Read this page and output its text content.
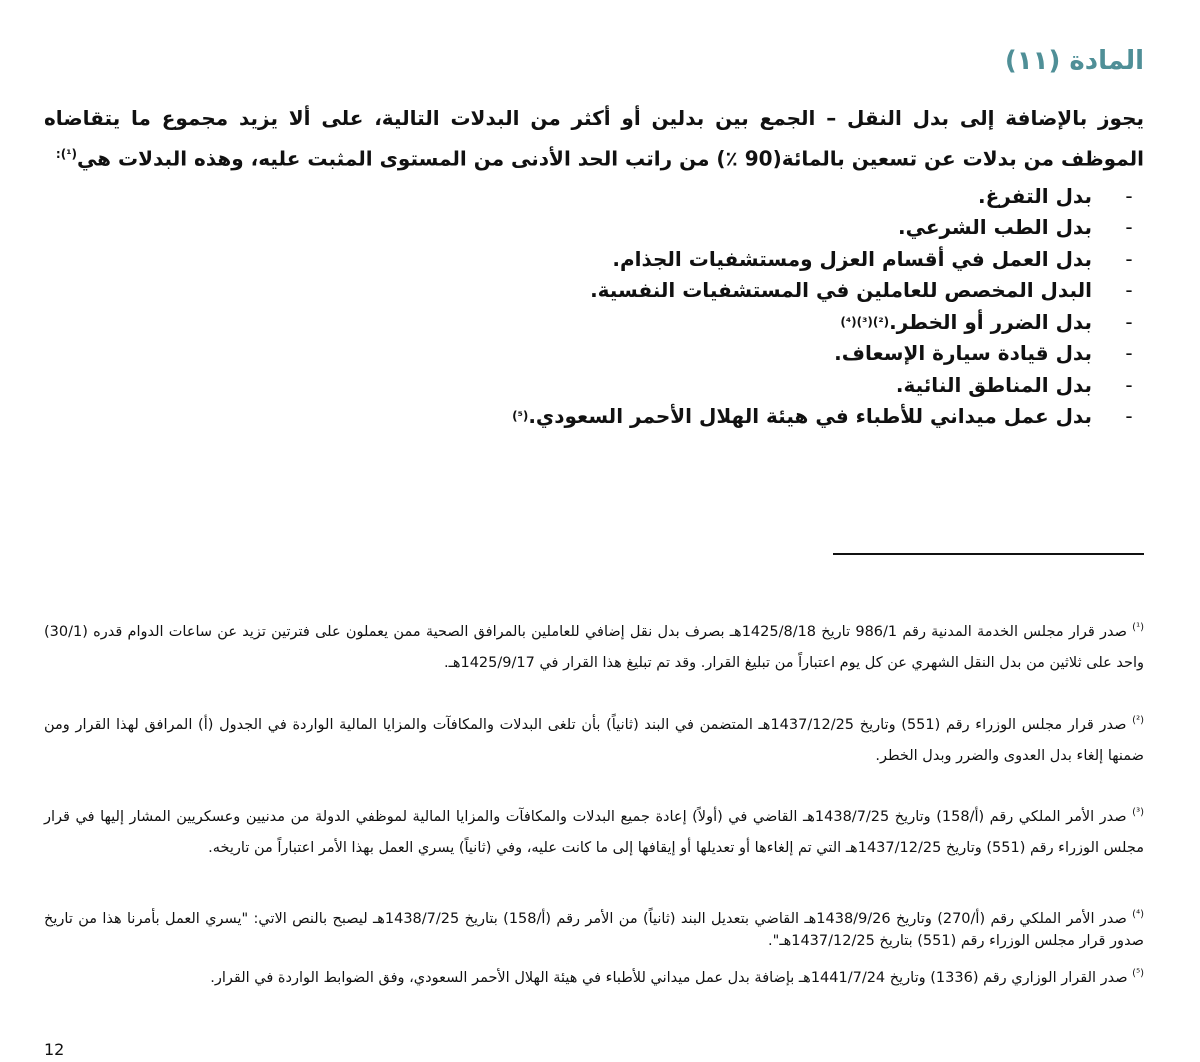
المادة (١١)

يجوز بالإضافة إلى بدل النقل – الجمع بين بدلين أو أكثر من البدلات التالية، على ألا يزيد مجموع ما يتقاضاه الموظف من بدلات عن تسعين بالمائة(90 ٪) من راتب الحد الأدنى من المستوى المثبت عليه، وهذه البدلات هي$^{(^1):}$

-
بدل التفرغ.
-
بدل الطب الشرعي.
-
بدل العمل في أقسام العزل ومستشفيات الجذام.
-
البدل المخصص للعاملين في المستشفيات النفسية.
-
بدل الضرر أو الخطر.
(²)(³)(⁴)
-
بدل قيادة سيارة الإسعاف.
-
بدل المناطق النائية.
-
بدل عمل ميداني للأطباء في هيئة الهلال الأحمر السعودي.
(⁵)

$^{(^1)}$ صدر قرار مجلس الخدمة المدنية رقم 986/1 تاريخ 1425/8/18هـ بصرف بدل نقل إضافي للعاملين بالمرافق الصحية ممن يعملون على فترتين تزيد عن ساعات الدوام قدره (30/1) واحد على ثلاثين من بدل النقل الشهري عن كل يوم اعتباراً من تبليغ القرار. وقد تم تبليغ هذا القرار في 1425/9/17هـ.

$^{(^2)}$ صدر قرار مجلس الوزراء رقم (551) وتاريخ 1437/12/25هـ المتضمن في البند (ثانياً) بأن تلغى البدلات والمكافآت والمزايا المالية الواردة في الجدول (أ) المرافق لهذا القرار ومن ضمنها إلغاء بدل العدوى والضرر وبدل الخطر.

$^{(^3)}$ صدر الأمر الملكي رقم (أ/158) وتاريخ 1438/7/25هـ القاضي في (أولاً) إعادة جميع البدلات والمكافآت والمزايا المالية لموظفي الدولة من مدنيين وعسكريين المشار إليها في قرار مجلس الوزراء رقم (551) وتاريخ 1437/12/25هـ التي تم إلغاءها أو تعديلها أو إيقافها إلى ما كانت عليه، وفي (ثانياً) يسري العمل بهذا الأمر اعتباراً من تاريخه.

$^{(^4)}$ صدر الأمر الملكي رقم (أ/270) وتاريخ 1438/9/26هـ القاضي بتعديل البند (ثانياً) من الأمر رقم (أ/158) بتاريخ 1438/7/25هـ ليصبح بالنص الاتي: "يسري العمل بأمرنا هذا من تاريخ صدور قرار مجلس الوزراء رقم (551) بتاريخ 1437/12/25هـ".

$^{(^5)}$ صدر القرار الوزاري رقم (1336) وتاريخ 1441/7/24هـ بإضافة بدل عمل ميداني للأطباء في هيئة الهلال الأحمر السعودي، وفق الضوابط الواردة في القرار.

12
